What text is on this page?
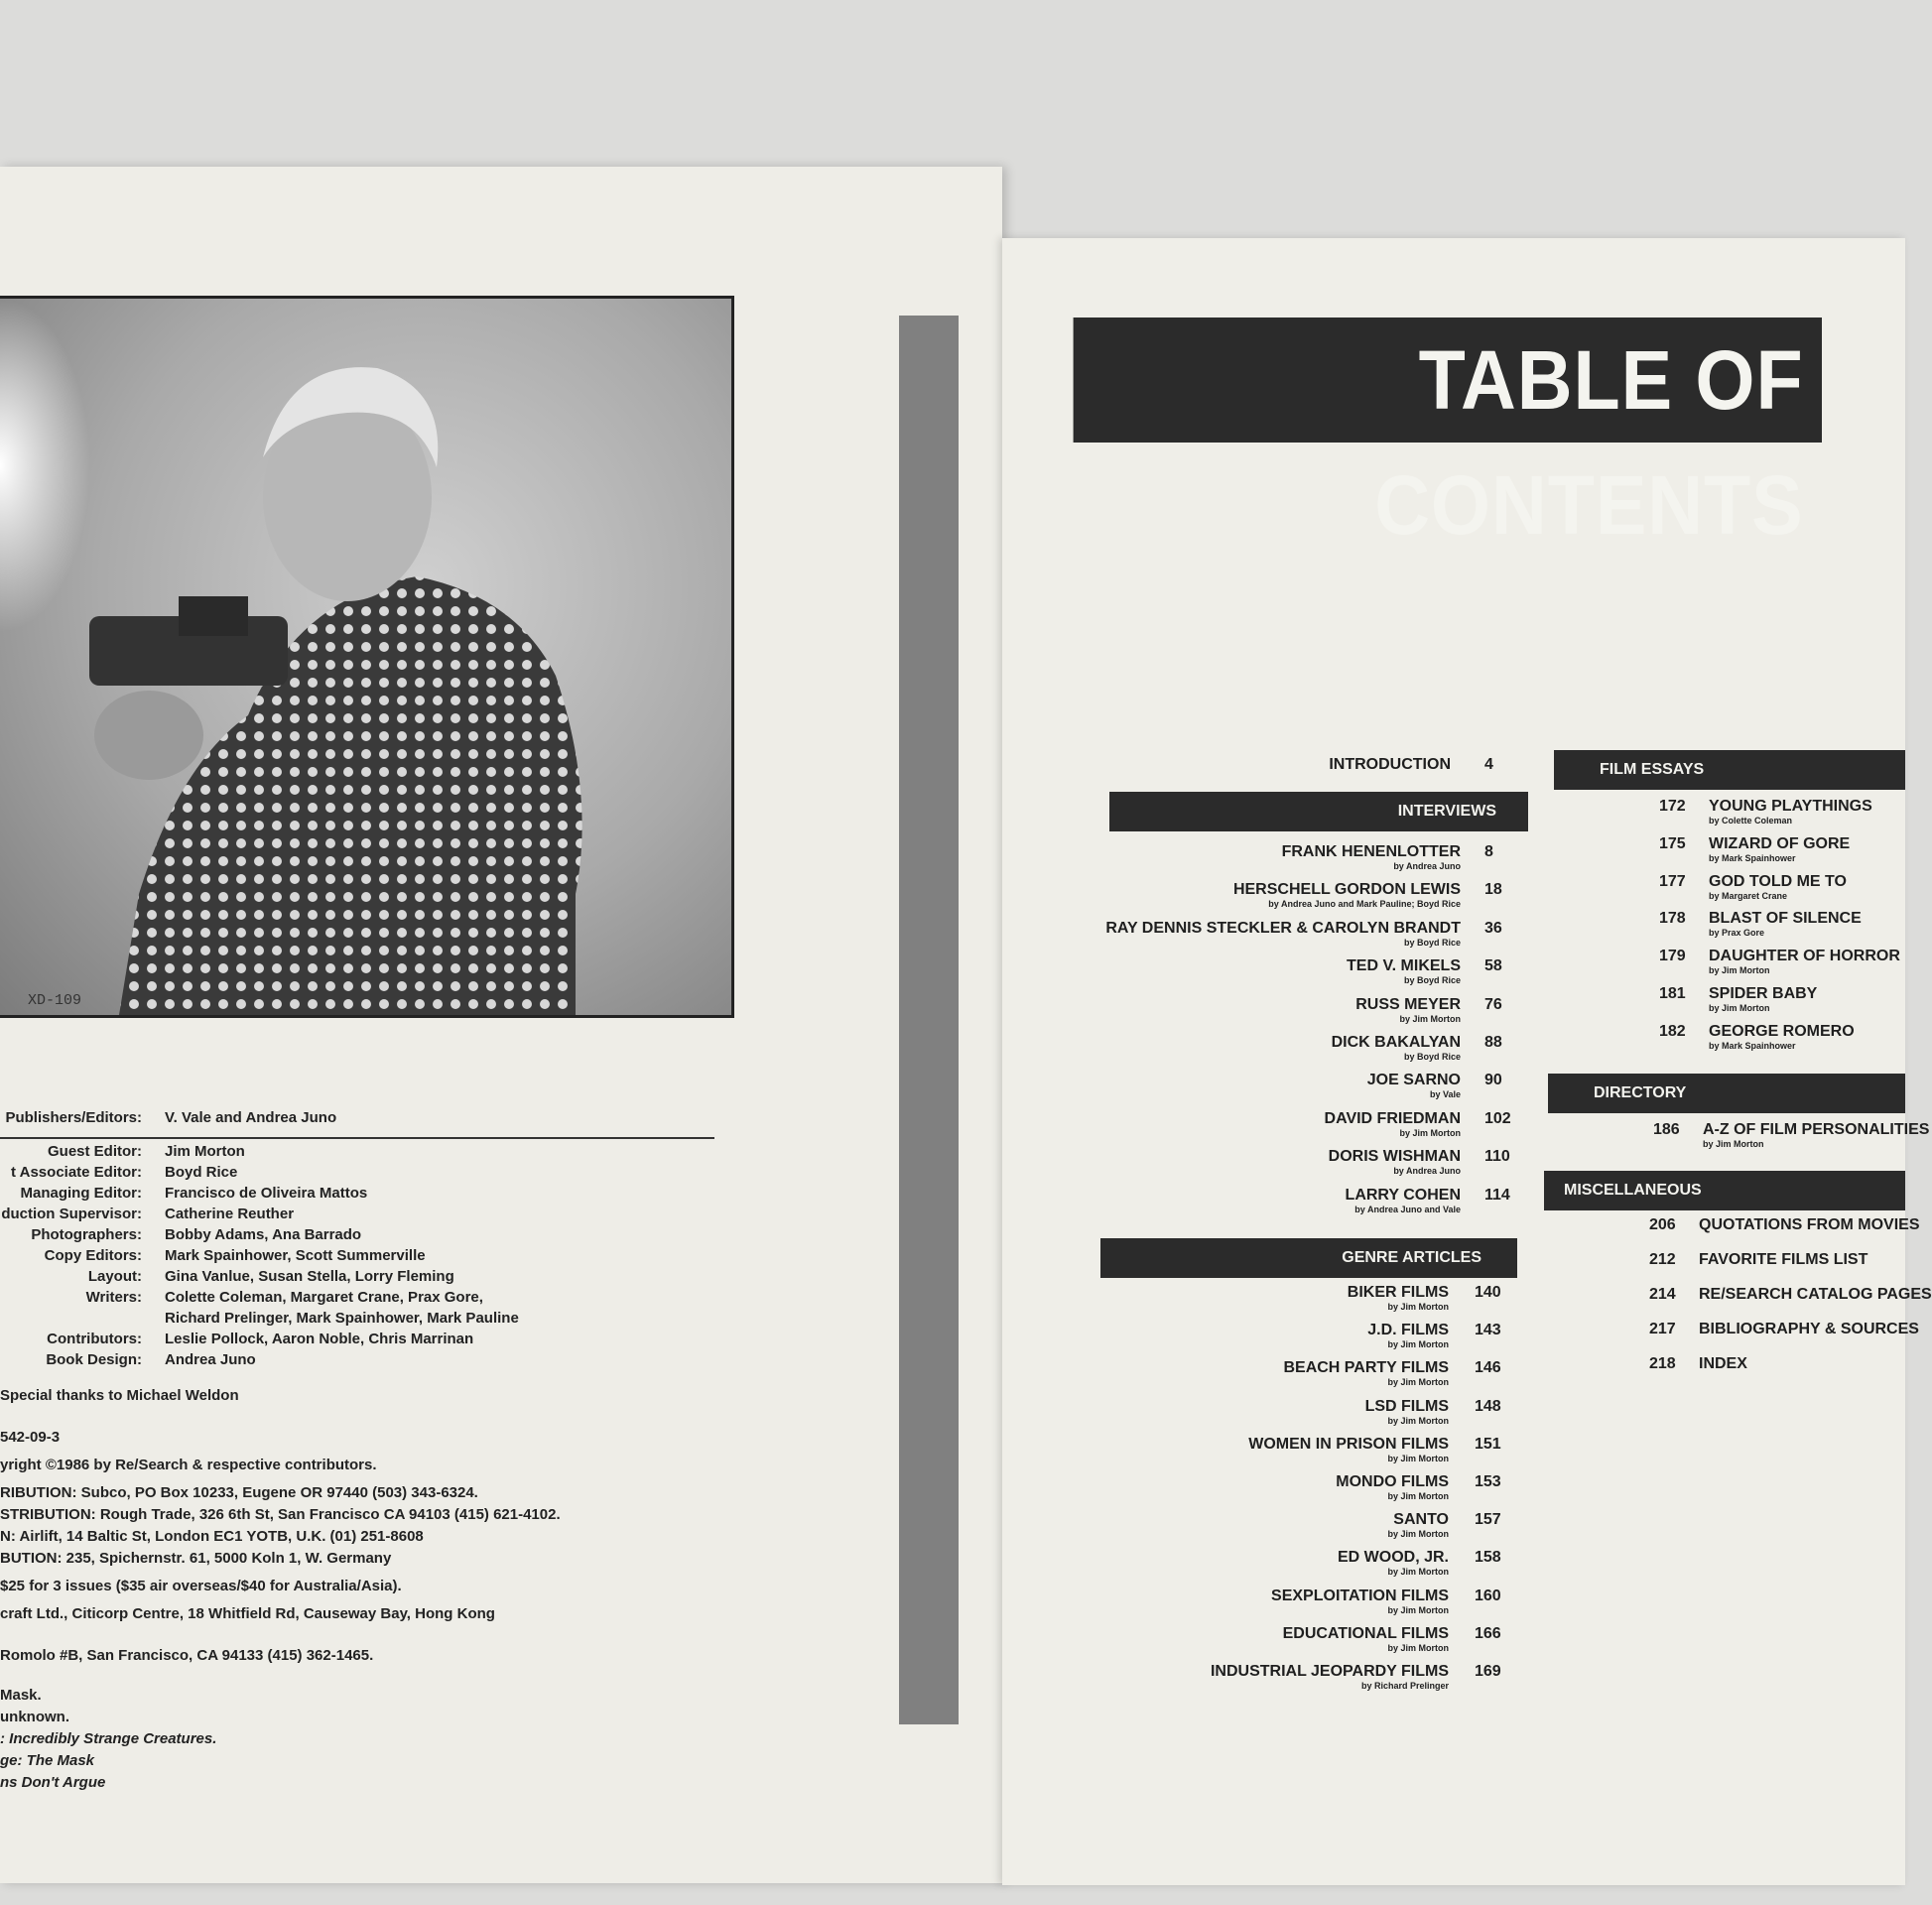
XD-109
Publishers/Editors: V. Vale and Andrea Juno
Guest Editor: Jim Morton
t Associate Editor: Boyd Rice
Managing Editor: Francisco de Oliveira Mattos
duction Supervisor: Catherine Reuther
Photographers: Bobby Adams, Ana Barrado
Copy Editors: Mark Spainhower, Scott Summerville
Layout: Gina Vanlue, Susan Stella, Lorry Fleming
Writers: Colette Coleman, Margaret Crane, Prax Gore,
Richard Prelinger, Mark Spainhower, Mark Pauline
Contributors: Leslie Pollock, Aaron Noble, Chris Marrinan
Book Design: Andrea Juno
Special thanks to Michael Weldon
542-09-3
yright ©1986 by Re/Search & respective contributors.
RIBUTION: Subco, PO Box 10233, Eugene OR 97440 (503) 343-6324.
STRIBUTION: Rough Trade, 326 6th St, San Francisco CA 94103 (415) 621-4102.
N: Airlift, 14 Baltic St, London EC1 YOTB, U.K. (01) 251-8608
BUTION: 235, Spichernstr. 61, 5000 Koln 1, W. Germany
$25 for 3 issues ($35 air overseas/$40 for Australia/Asia).
craft Ltd., Citicorp Centre, 18 Whitfield Rd, Causeway Bay, Hong Kong
Romolo #B, San Francisco, CA 94133 (415) 362-1465.
Mask.
unknown.
: Incredibly Strange Creatures.
ge: The Mask
ns Don't Argue
TABLE OF CONTENTS
INTRODUCTION 4
INTERVIEWS
FRANK HENENLOTTER
by Andrea Juno
8
HERSCHELL GORDON LEWIS
by Andrea Juno and Mark Pauline; Boyd Rice
18
RAY DENNIS STECKLER & CAROLYN BRANDT
by Boyd Rice
36
TED V. MIKELS
by Boyd Rice
58
RUSS MEYER
by Jim Morton
76
DICK BAKALYAN
by Boyd Rice
88
JOE SARNO
by Vale
90
DAVID FRIEDMAN
by Jim Morton
102
DORIS WISHMAN
by Andrea Juno
110
LARRY COHEN
by Andrea Juno and Vale
114
GENRE ARTICLES
BIKER FILMS
by Jim Morton
140
J.D. FILMS
by Jim Morton
143
BEACH PARTY FILMS
by Jim Morton
146
LSD FILMS
by Jim Morton
148
WOMEN IN PRISON FILMS
by Jim Morton
151
MONDO FILMS
by Jim Morton
153
SANTO
by Jim Morton
157
ED WOOD, JR.
by Jim Morton
158
SEXPLOITATION FILMS
by Jim Morton
160
EDUCATIONAL FILMS
by Jim Morton
166
INDUSTRIAL JEOPARDY FILMS
by Richard Prelinger
169
FILM ESSAYS
172 YOUNG PLAYTHINGS
by Colette Coleman
175 WIZARD OF GORE
by Mark Spainhower
177 GOD TOLD ME TO
by Margaret Crane
178 BLAST OF SILENCE
by Prax Gore
179 DAUGHTER OF HORROR
by Jim Morton
181 SPIDER BABY
by Jim Morton
182 GEORGE ROMERO
by Mark Spainhower
DIRECTORY
186 A-Z OF FILM PERSONALITIES
by Jim Morton
MISCELLANEOUS
206 QUOTATIONS FROM MOVIES
212 FAVORITE FILMS LIST
214 RE/SEARCH CATALOG PAGES
217 BIBLIOGRAPHY & SOURCES
218 INDEX
